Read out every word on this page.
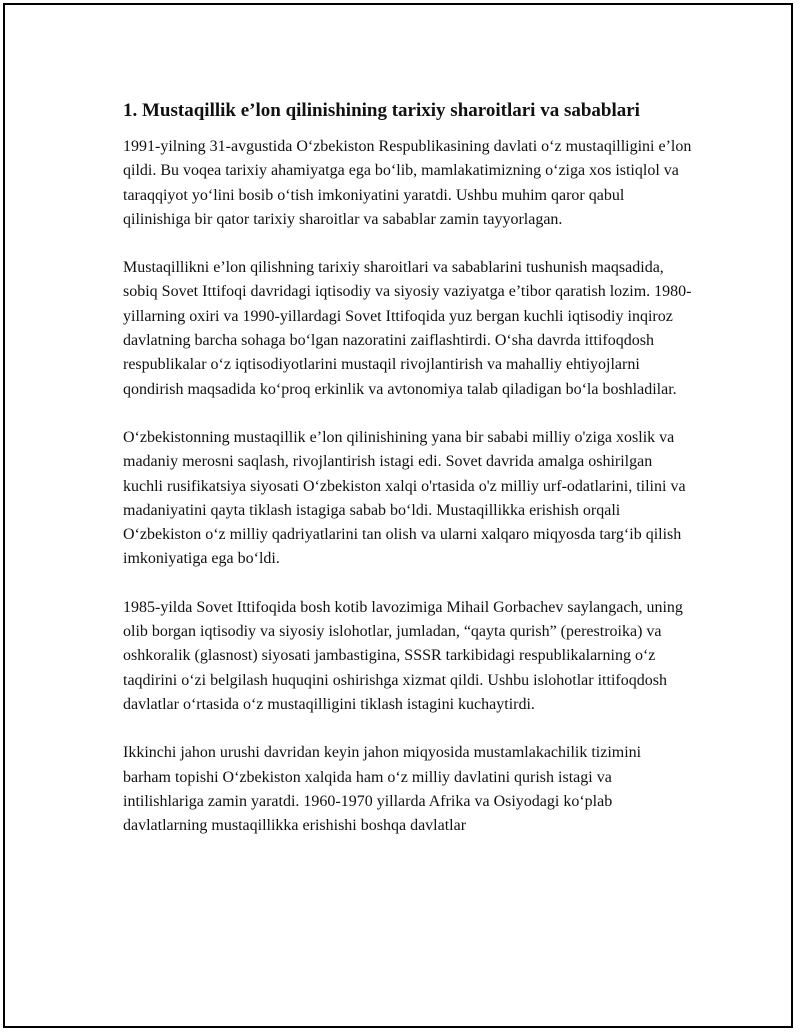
1. Mustaqillik e’lon qilinishining tarixiy sharoitlari va sabablari

1991-yilning 31-avgustida O‘zbekiston Respublikasining davlati o‘z mustaqilligini e’lon qildi. Bu voqea tarixiy ahamiyatga ega bo‘lib, mamlakatimizning o‘ziga xos istiqlol va taraqqiyot yo‘lini bosib o‘tish imkoniyatini yaratdi. Ushbu muhim qaror qabul qilinishiga bir qator tarixiy sharoitlar va sabablar zamin tayyorlagan.

Mustaqillikni e’lon qilishning tarixiy sharoitlari va sabablarini tushunish maqsadida, sobiq Sovet Ittifoqi davridagi iqtisodiy va siyosiy vaziyatga e’tibor qaratish lozim. 1980-yillarning oxiri va 1990-yillardagi Sovet Ittifoqida yuz bergan kuchli iqtisodiy inqiroz davlatning barcha sohaga bo‘lgan nazoratini zaiflashtirdi. O‘sha davrda ittifoqdosh respublikalar o‘z iqtisodiyotlarini mustaqil rivojlantirish va mahalliy ehtiyojlarni qondirish maqsadida ko‘proq erkinlik va avtonomiya talab qiladigan bo‘la boshladilar.

O‘zbekistonning mustaqillik e’lon qilinishining yana bir sababi milliy o'ziga xoslik va madaniy merosni saqlash, rivojlantirish istagi edi. Sovet davrida amalga oshirilgan kuchli rusifikatsiya siyosati O‘zbekiston xalqi o'rtasida o'z milliy urf-odatlarini, tilini va madaniyatini qayta tiklash istagiga sabab bo‘ldi. Mustaqillikka erishish orqali O‘zbekiston o‘z milliy qadriyatlarini tan olish va ularni xalqaro miqyosda targ‘ib qilish imkoniyatiga ega bo‘ldi.

1985-yilda Sovet Ittifoqida bosh kotib lavozimiga Mihail Gorbachev saylangach, uning olib borgan iqtisodiy va siyosiy islohotlar, jumladan, “qayta qurish” (perestroika) va oshkoralik (glasnost) siyosati jambastigina, SSSR tarkibidagi respublikalarning o‘z taqdirini o‘zi belgilash huquqini oshirishga xizmat qildi. Ushbu islohotlar ittifoqdosh davlatlar o‘rtasida o‘z mustaqilligini tiklash istagini kuchaytirdi.

Ikkinchi jahon urushi davridan keyin jahon miqyosida mustamlakachilik tizimini barham topishi O‘zbekiston xalqida ham o‘z milliy davlatini qurish istagi va intilishlariga zamin yaratdi. 1960-1970 yillarda Afrika va Osiyodagi ko‘plab davlatlarning mustaqillikka erishishi boshqa davlatlar
